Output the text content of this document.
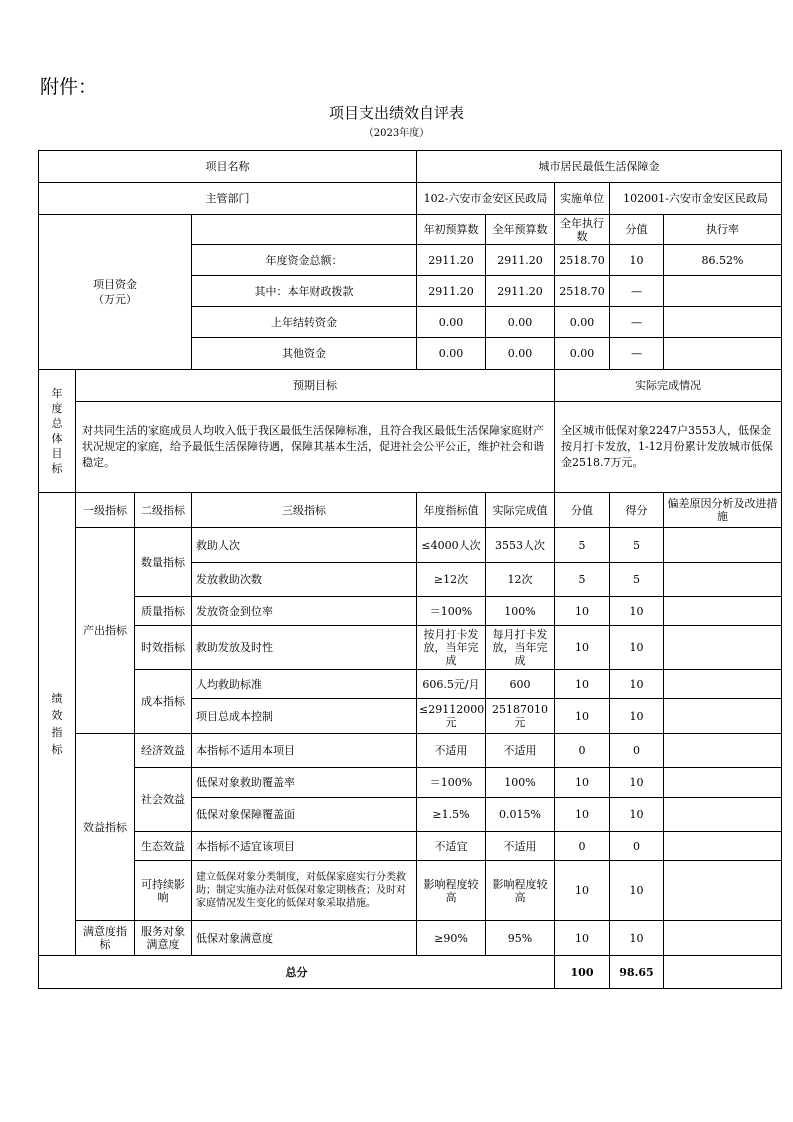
附件：
项目支出绩效自评表
（2023年度）
项目名称				城市居民最低生活保障金					
主管部门				102-六安市金安区民政局		实施单位	102001-六安市金安区民政局		
项目资金
（万元）				年初预算数	全年预算数	全年执行数	分值	执行率	
			年度资金总额：	2911.20	2911.20	2518.70	10	86.52%	
			其中：本年财政拨款	2911.20	2911.20	2518.70	—		
			上年结转资金	0.00	0.00	0.00	—		
			其他资金	0.00	0.00	0.00	—		
年度总体目标	预期目标					实际完成情况			
	对共同生活的家庭成员人均收入低于我区最低生活保障标准，且符合我区最低生活保障家庭财产状况规定的家庭，给予最低生活保障待遇，保障其基本生活，促进社会公平公正，维护社会和谐稳定。					全区城市低保对象2247户3553人，低保金按月打卡发放，1-12月份累计发放城市低保金2518.7万元。			
绩效指标	一级指标	二级指标	三级指标	年度指标值	实际完成值	分值	得分	偏差原因分析及改进措施	
	产出指标	数量指标	救助人次	≤4000人次	3553人次	5	5		
			发放救助次数	≥12次	12次	5	5		
		质量指标	发放资金到位率	＝100%	100%	10	10		
		时效指标	救助发放及时性	按月打卡发放，当年完成	每月打卡发放，当年完成	10	10		
		成本指标	人均救助标准	606.5元/月	600	10	10		
			项目总成本控制	≤29112000元	25187010元	10	10		
	效益指标	经济效益	本指标不适用本项目	不适用	不适用	0	0		
		社会效益	低保对象救助覆盖率	＝100%	100%	10	10		
			低保对象保障覆盖面	≥1.5%	0.015%	10	10		
		生态效益	本指标不适宜该项目	不适宜	不适用	0	0		
		可持续影响	建立低保对象分类制度，对低保家庭实行分类救助；制定实施办法对低保对象定期核查；及时对家庭情况发生变化的低保对象采取措施。	影响程度较高	影响程度较高	10	10		
	满意度指标	服务对象满意度	低保对象满意度	≥90%	95%	10	10		
总分						100	98.65		
